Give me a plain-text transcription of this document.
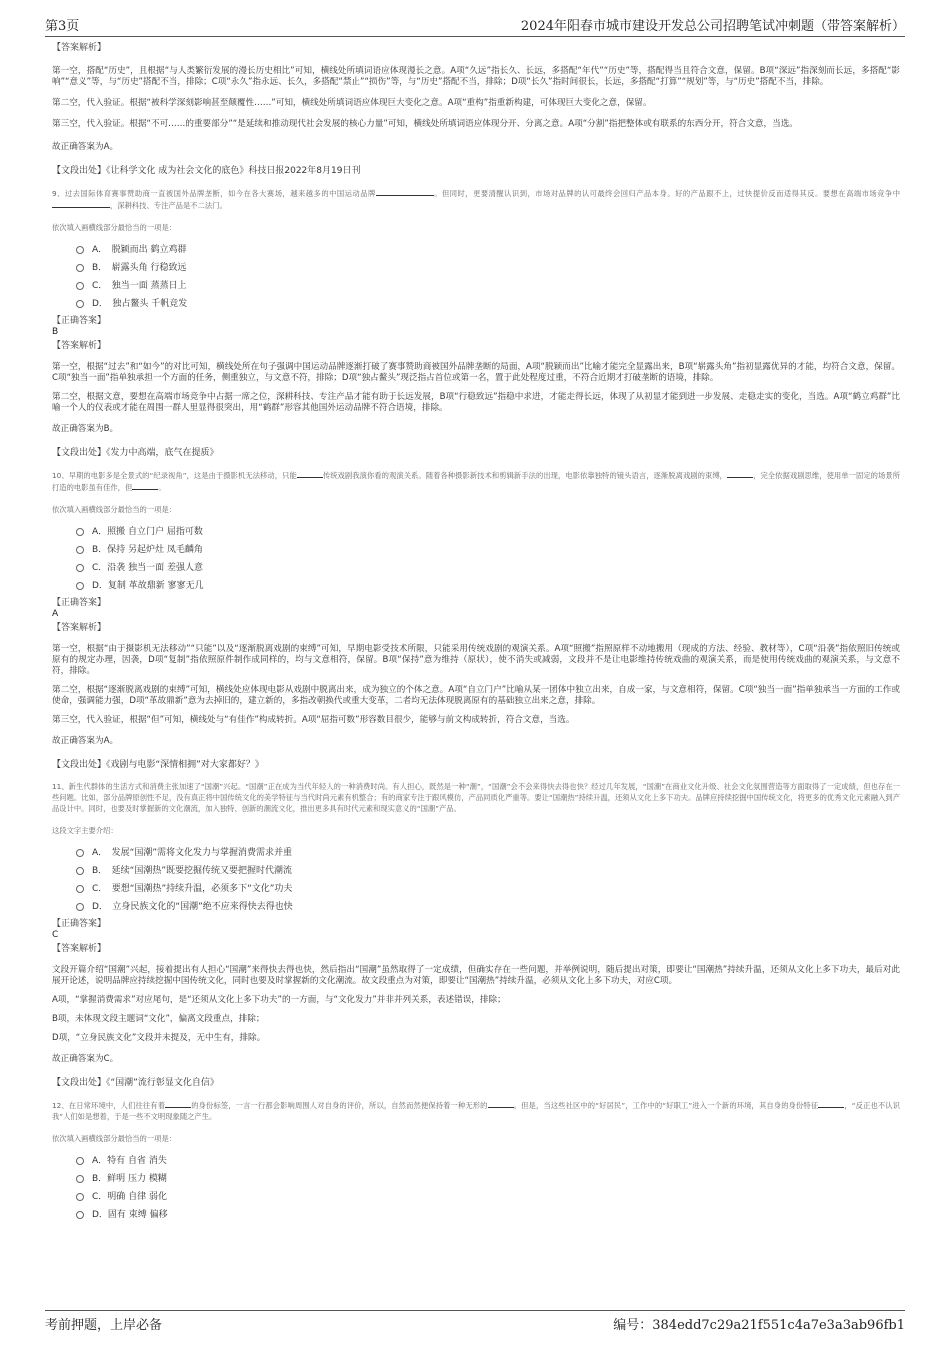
第3页	2024年阳春市城市建设开发总公司招聘笔试冲刺题（带答案解析）

【答案解析】

第一空，搭配“历史”，且根据“与人类繁衍发展的漫长历史相比”可知，横线处所填词语应体现漫长之意。A项“久远”指长久、长远，多搭配“年代”“历史”等，搭配得当且符合文意，保留。B项“深远”指深刻而长远，多搭配“影响”“意义”等，与“历史”搭配不当，排除；C项“永久”指永远、长久，多搭配“禁止”“损伤”等，与“历史”搭配不当，排除；D项“长久”指时间很长，长远，多搭配“打算”“规划”等，与“历史”搭配不当，排除。

第二空，代入验证。根据“被科学深刻影响甚至颠覆性……”可知，横线处所填词语应体现巨大变化之意。A项“重构”指重新构建，可体现巨大变化之意，保留。

第三空，代入验证。根据“不可……的重要部分”“是延续和推动现代社会发展的核心力量”可知，横线处所填词语应体现分开、分离之意。A项“分割”指把整体或有联系的东西分开，符合文意，当选。

故正确答案为A。

【文段出处】《让科学文化 成为社会文化的底色》科技日报2022年8月19日刊

9、过去国际体育赛事赞助商一直被国外品牌垄断，如今在各大赛场，越来越多的中国运动品牌	。但同时，更要清醒认识到，市场对品牌的认可最终会回归产品本身。好的产品跟不上，过快提价反而适得其反。要想在高端市场竞争中，深耕科技、专注产品是不二法门。

依次填入画横线部分最恰当的一项是：

A．　脱颖而出 鹤立鸡群
B．　崭露头角 行稳致远
C．　独当一面 蒸蒸日上
D．　独占鳌头 千帆竞发

【正确答案】

B

【答案解析】

第一空，根据“过去”和“如今”的对比可知，横线处所在句子强调中国运动品牌逐渐打破了赛事赞助商被国外品牌垄断的局面，A项“脱颖而出”比喻才能完全显露出来，B项“崭露头角”指初显露优异的才能，均符合文意，保留。C项“独当一面”指单独承担一个方面的任务，侧重独立，与文意不符，排除；D项“独占鳌头”现泛指占首位或第一名，置于此处程度过重，不符合近期才打破垄断的语境，排除。

第二空，根据文意，要想在高端市场竞争中占据一席之位，深耕科技、专注产品才能有助于长远发展，B项“行稳致远”指稳中求进，才能走得长远，体现了从初显才能到进一步发展、走稳走实的变化，当选。A项“鹤立鸡群”比喻一个人的仪表或才能在周围一群人里显得很突出，用“鹤群”形容其他国外运动品牌不符合语境，排除。

故正确答案为B。

【文段出处】《发力中高端，底气在提质》

10、早期的电影多是全景式的“纪录视角”，这是由于摄影机无法移动，只能	传统戏剧我演你看的观演关系。随着各种摄影新技术和剪辑新手法的出现，电影依靠独特的镜头语言，逐渐脱离戏剧的束缚，	，完全依据戏剧思维，使用单一固定的场景所打造的电影虽有佳作，但	。

依次填入画横线部分最恰当的一项是：

A．照搬 自立门户 屈指可数
B．保持 另起炉灶 凤毛麟角
C．沿袭 独当一面 差强人意
D．复制 革故鼎新 寥寥无几

【正确答案】

A

【答案解析】

第一空，根据“由于摄影机无法移动”“只能”以及“逐渐脱离戏剧的束缚”可知，早期电影受技术所限，只能采用传统戏剧的观演关系。A项“照搬”指照原样不动地搬用（现成的方法、经验、教材等），C项“沿袭”指依照旧传统或原有的规定办理，因袭，D项“复制”指依照原件制作成同样的，均与文意相符，保留。B项“保持”意为维持（原状），使不消失或减弱，文段并不是让电影维持传统戏曲的观演关系，而是使用传统戏曲的观演关系，与文意不符，排除。

第二空，根据“逐渐脱离戏剧的束缚”可知，横线处应体现电影从戏剧中脱离出来，成为独立的个体之意。A项“自立门户”比喻从某一团体中独立出来，自成一家，与文意相符，保留。C项“独当一面”指单独承当一方面的工作或使命，强调能力强，D项“革故鼎新”意为去掉旧的，建立新的，多指改朝换代或重大变革，二者均无法体现脱离原有的基础独立出来之意，排除。

第三空，代入验证，根据“但”可知，横线处与“有佳作”构成转折。A项“屈指可数”形容数目很少，能够与前文构成转折，符合文意，当选。

故正确答案为A。

【文段出处】《戏剧与电影“深情相拥”对大家都好？》

11、新生代群体的生活方式和消费主张加速了“国潮”兴起。“国潮”正在成为当代年轻人的一种消费时尚。有人担心，既然是一种“潮”，“国潮”会不会来得快去得也快？经过几年发展，“国潮”在商业文化升级、社会文化氛围营造等方面取得了一定成绩，但也存在一些问题。比如，部分品牌原创性不足，没有真正将中国传统文化的美学特征与当代时尚元素有机整合；有的商家专注于跟风模仿，产品同质化严重等。要让“国潮热”持续升温，还须从文化上多下功夫。品牌应持续挖掘中国传统文化，将更多的优秀文化元素融入到产品设计中。同时，也要及时掌握新的文化潮流，加入独特、创新的潮流文化，推出更多具有时代元素和现实意义的“国潮”产品。

这段文字主要介绍：

A．　发展“国潮”需将文化发力与掌握消费需求并重
B．　延续“国潮热”既要挖掘传统又要把握时代潮流
C．　要想“国潮热”持续升温，必须多下“文化”功夫
D．　立身民族文化的“国潮”绝不应来得快去得也快

【正确答案】

C

【答案解析】

文段开篇介绍“国潮”兴起，接着提出有人担心“国潮”来得快去得也快，然后指出“国潮”虽然取得了一定成绩，但确实存在一些问题，并举例说明，随后提出对策，即要让“国潮热”持续升温，还须从文化上多下功夫，最后对此展开论述，说明品牌应持续挖掘中国传统文化，同时也要及时掌握新的文化潮流。故文段重点为对策，即要让“国潮热”持续升温，必须从文化上多下功夫，对应C项。

A项，“掌握消费需求”对应尾句，是“还须从文化上多下功夫”的一方面，与“文化发力”并非并列关系，表述错误，排除；

B项，未体现文段主题词“文化”，偏离文段重点，排除；

D项，“立身民族文化”文段并未提及，无中生有，排除。

故正确答案为C。

【文段出处】《“国潮”流行彰显文化自信》

12、在日常环境中，人们往往有着	的身份标签，一言一行都会影响周围人对自身的评价，所以，自然而然便保持着一种无形的	。但是，当这些社区中的“好居民”，工作中的“好职工”进入一个新的环境，其自身的身份特征	，“反正也不认识我”人们如是想着，于是一些不文明现象随之产生。

依次填入画横线部分最恰当的一项是：

A．特有 自省 消失
B．鲜明 压力 模糊
C．明确 自律 弱化
D．固有 束缚 偏移
考前押题，上岸必备	编号：384edd7c29a21f551c4a7e3a3ab96fb1
